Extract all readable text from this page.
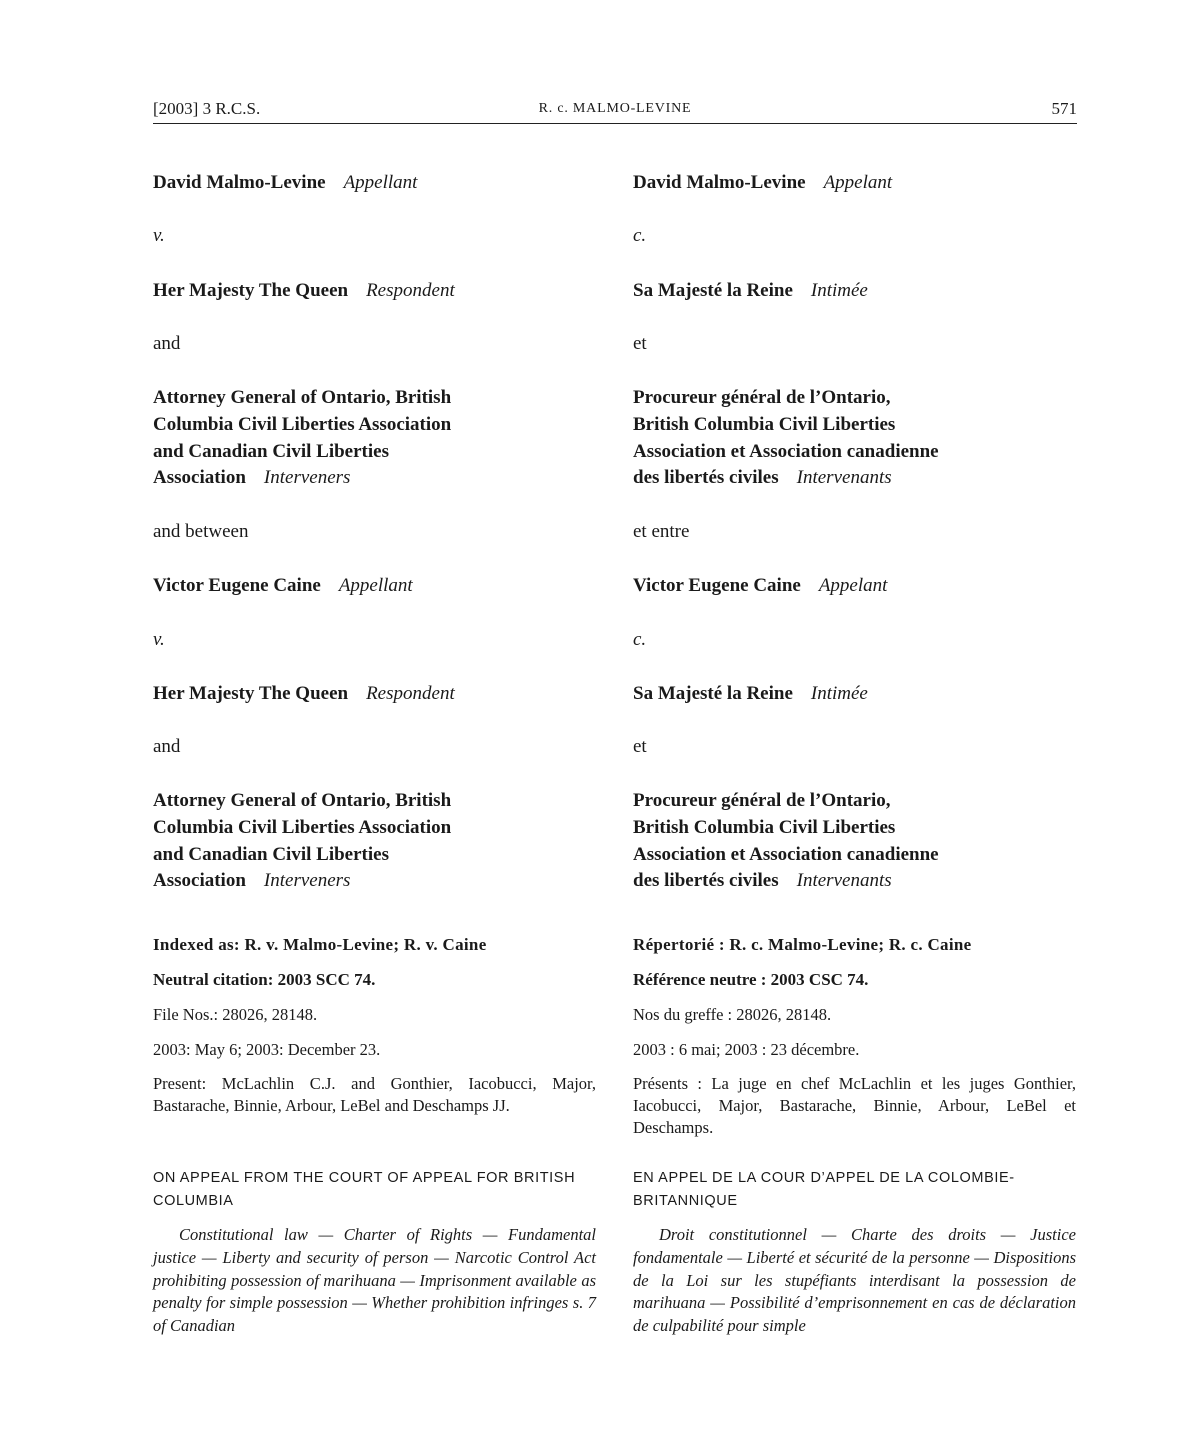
[2003] 3 R.C.S.	R. c. MALMO-LEVINE	571
David Malmo-Levine Appellant
v.
Her Majesty The Queen Respondent
and
Attorney General of Ontario, British
Columbia Civil Liberties Association
and Canadian Civil Liberties
Association Interveners
and between
Victor Eugene Caine Appellant
v.
Her Majesty The Queen Respondent
and
Attorney General of Ontario, British
Columbia Civil Liberties Association
and Canadian Civil Liberties
Association Interveners
Indexed as: R. v. Malmo-Levine; R. v. Caine
Neutral citation: 2003 SCC 74.
File Nos.: 28026, 28148.
2003: May 6; 2003: December 23.
Present: McLachlin C.J. and Gonthier, Iacobucci, Major, Bastarache, Binnie, Arbour, LeBel and Deschamps JJ.
ON APPEAL FROM THE COURT OF APPEAL FOR BRITISH COLUMBIA
Constitutional law — Charter of Rights — Fundamental justice — Liberty and security of person — Narcotic Control Act prohibiting possession of marihuana — Imprisonment available as penalty for simple possession — Whether prohibition infringes s. 7 of Canadian
David Malmo-Levine Appelant
c.
Sa Majesté la Reine Intimée
et
Procureur général de l’Ontario,
British Columbia Civil Liberties
Association et Association canadienne
des libertés civiles Intervenants
et entre
Victor Eugene Caine Appelant
c.
Sa Majesté la Reine Intimée
et
Procureur général de l’Ontario,
British Columbia Civil Liberties
Association et Association canadienne
des libertés civiles Intervenants
Répertorié : R. c. Malmo-Levine; R. c. Caine
Référence neutre : 2003 CSC 74.
Nos du greffe : 28026, 28148.
2003 : 6 mai; 2003 : 23 décembre.
Présents : La juge en chef McLachlin et les juges Gonthier, Iacobucci, Major, Bastarache, Binnie, Arbour, LeBel et Deschamps.
EN APPEL DE LA COUR D’APPEL DE LA COLOMBIE-BRITANNIQUE
Droit constitutionnel — Charte des droits — Justice fondamentale — Liberté et sécurité de la personne — Dispositions de la Loi sur les stupéfiants interdisant la possession de marihuana — Possibilité d’emprisonnement en cas de déclaration de culpabilité pour simple
